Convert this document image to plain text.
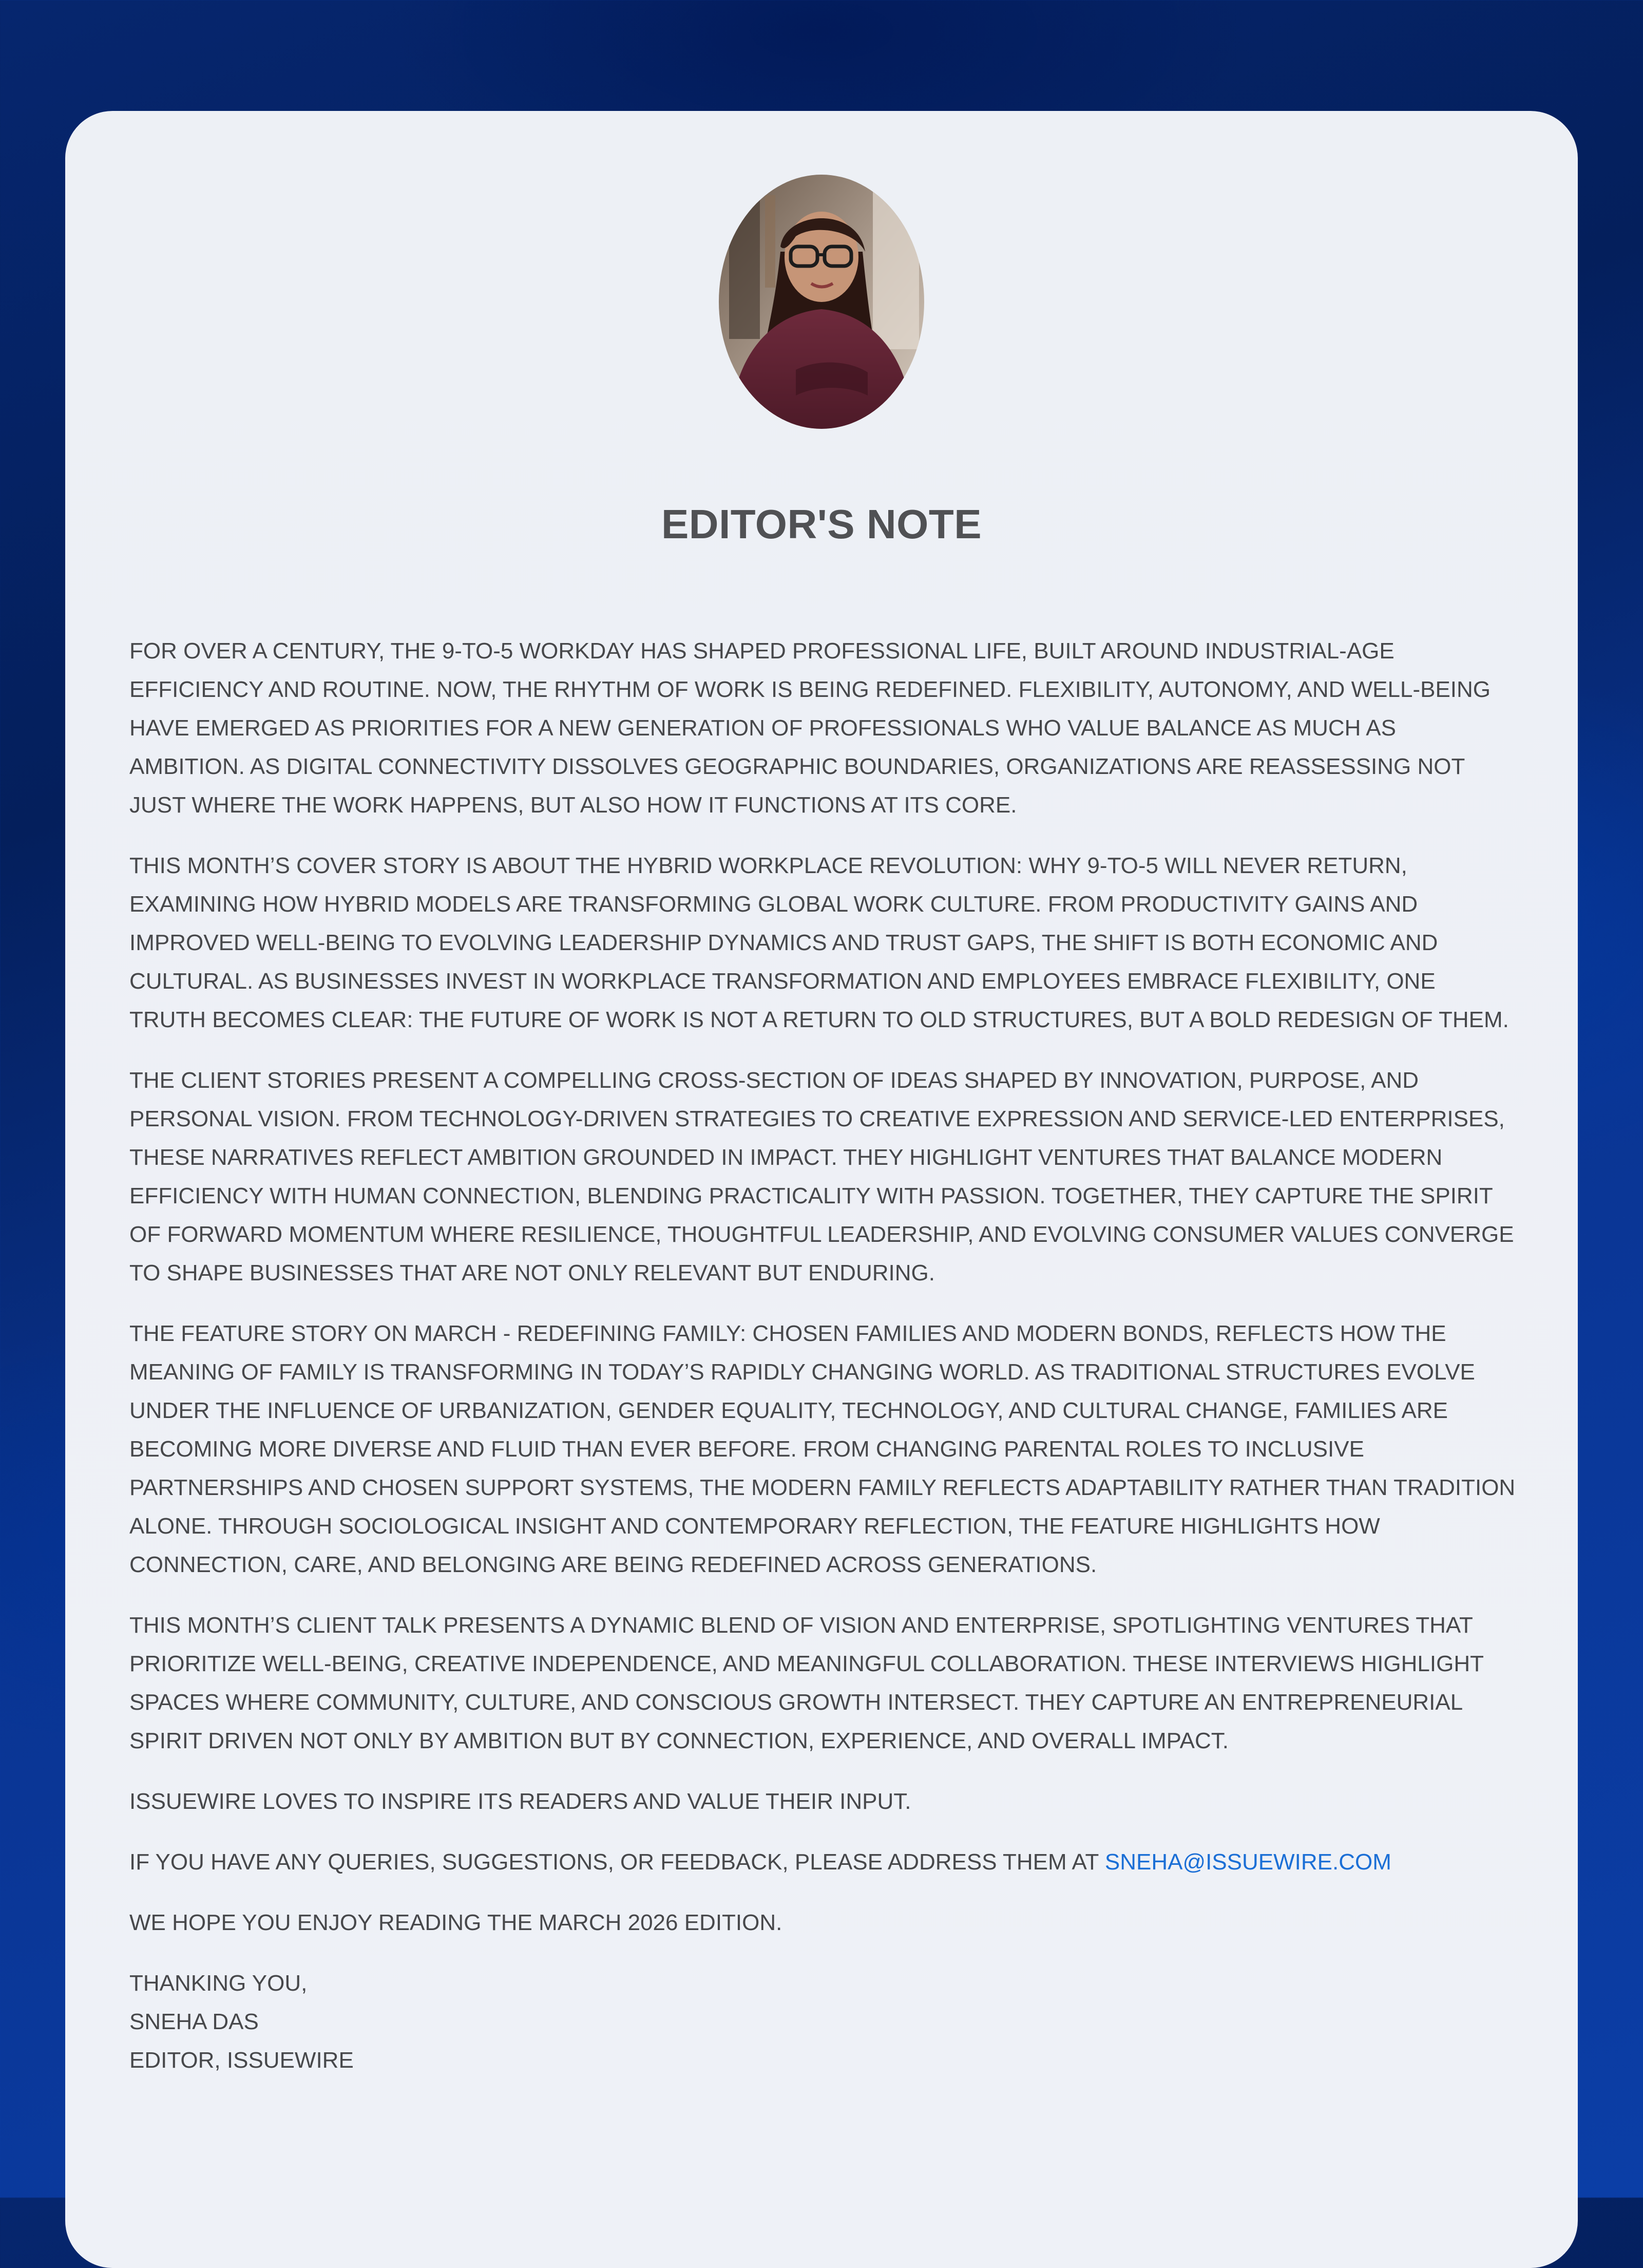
EDITOR'S NOTE

FOR OVER A CENTURY, THE 9-TO-5 WORKDAY HAS SHAPED PROFESSIONAL LIFE, BUILT AROUND INDUSTRIAL-AGE EFFICIENCY AND ROUTINE. NOW, THE RHYTHM OF WORK IS BEING REDEFINED. FLEXIBILITY, AUTONOMY, AND WELL-BEING HAVE EMERGED AS PRIORITIES FOR A NEW GENERATION OF PROFESSIONALS WHO VALUE BALANCE AS MUCH AS AMBITION. AS DIGITAL CONNECTIVITY DISSOLVES GEOGRAPHIC BOUNDARIES, ORGANIZATIONS ARE REASSESSING NOT JUST WHERE THE WORK HAPPENS, BUT ALSO HOW IT FUNCTIONS AT ITS CORE.

THIS MONTH’S COVER STORY IS ABOUT THE HYBRID WORKPLACE REVOLUTION: WHY 9-TO-5 WILL NEVER RETURN, EXAMINING HOW HYBRID MODELS ARE TRANSFORMING GLOBAL WORK CULTURE. FROM PRODUCTIVITY GAINS AND IMPROVED WELL-BEING TO EVOLVING LEADERSHIP DYNAMICS AND TRUST GAPS, THE SHIFT IS BOTH ECONOMIC AND CULTURAL. AS BUSINESSES INVEST IN WORKPLACE TRANSFORMATION AND EMPLOYEES EMBRACE FLEXIBILITY, ONE TRUTH BECOMES CLEAR: THE FUTURE OF WORK IS NOT A RETURN TO OLD STRUCTURES, BUT A BOLD REDESIGN OF THEM.

THE CLIENT STORIES PRESENT A COMPELLING CROSS-SECTION OF IDEAS SHAPED BY INNOVATION, PURPOSE, AND PERSONAL VISION. FROM TECHNOLOGY-DRIVEN STRATEGIES TO CREATIVE EXPRESSION AND SERVICE-LED ENTERPRISES, THESE NARRATIVES REFLECT AMBITION GROUNDED IN IMPACT. THEY HIGHLIGHT VENTURES THAT BALANCE MODERN EFFICIENCY WITH HUMAN CONNECTION, BLENDING PRACTICALITY WITH PASSION. TOGETHER, THEY CAPTURE THE SPIRIT OF FORWARD MOMENTUM WHERE RESILIENCE, THOUGHTFUL LEADERSHIP, AND EVOLVING CONSUMER VALUES CONVERGE TO SHAPE BUSINESSES THAT ARE NOT ONLY RELEVANT BUT ENDURING.

THE FEATURE STORY ON MARCH - REDEFINING FAMILY: CHOSEN FAMILIES AND MODERN BONDS, REFLECTS HOW THE MEANING OF FAMILY IS TRANSFORMING IN TODAY’S RAPIDLY CHANGING WORLD. AS TRADITIONAL STRUCTURES EVOLVE UNDER THE INFLUENCE OF URBANIZATION, GENDER EQUALITY, TECHNOLOGY, AND CULTURAL CHANGE, FAMILIES ARE BECOMING MORE DIVERSE AND FLUID THAN EVER BEFORE. FROM CHANGING PARENTAL ROLES TO INCLUSIVE PARTNERSHIPS AND CHOSEN SUPPORT SYSTEMS, THE MODERN FAMILY REFLECTS ADAPTABILITY RATHER THAN TRADITION ALONE. THROUGH SOCIOLOGICAL INSIGHT AND CONTEMPORARY REFLECTION, THE FEATURE HIGHLIGHTS HOW CONNECTION, CARE, AND BELONGING ARE BEING REDEFINED ACROSS GENERATIONS.

THIS MONTH’S CLIENT TALK PRESENTS A DYNAMIC BLEND OF VISION AND ENTERPRISE, SPOTLIGHTING VENTURES THAT PRIORITIZE WELL-BEING, CREATIVE INDEPENDENCE, AND MEANINGFUL COLLABORATION. THESE INTERVIEWS HIGHLIGHT SPACES WHERE COMMUNITY, CULTURE, AND CONSCIOUS GROWTH INTERSECT. THEY CAPTURE AN ENTREPRENEURIAL SPIRIT DRIVEN NOT ONLY BY AMBITION BUT BY CONNECTION, EXPERIENCE, AND OVERALL IMPACT.

ISSUEWIRE LOVES TO INSPIRE ITS READERS AND VALUE THEIR INPUT.

IF YOU HAVE ANY QUERIES, SUGGESTIONS, OR FEEDBACK, PLEASE ADDRESS THEM AT SNEHA@ISSUEWIRE.COM

WE HOPE YOU ENJOY READING THE MARCH 2026 EDITION.

THANKING YOU,

SNEHA DAS

EDITOR, ISSUEWIRE
